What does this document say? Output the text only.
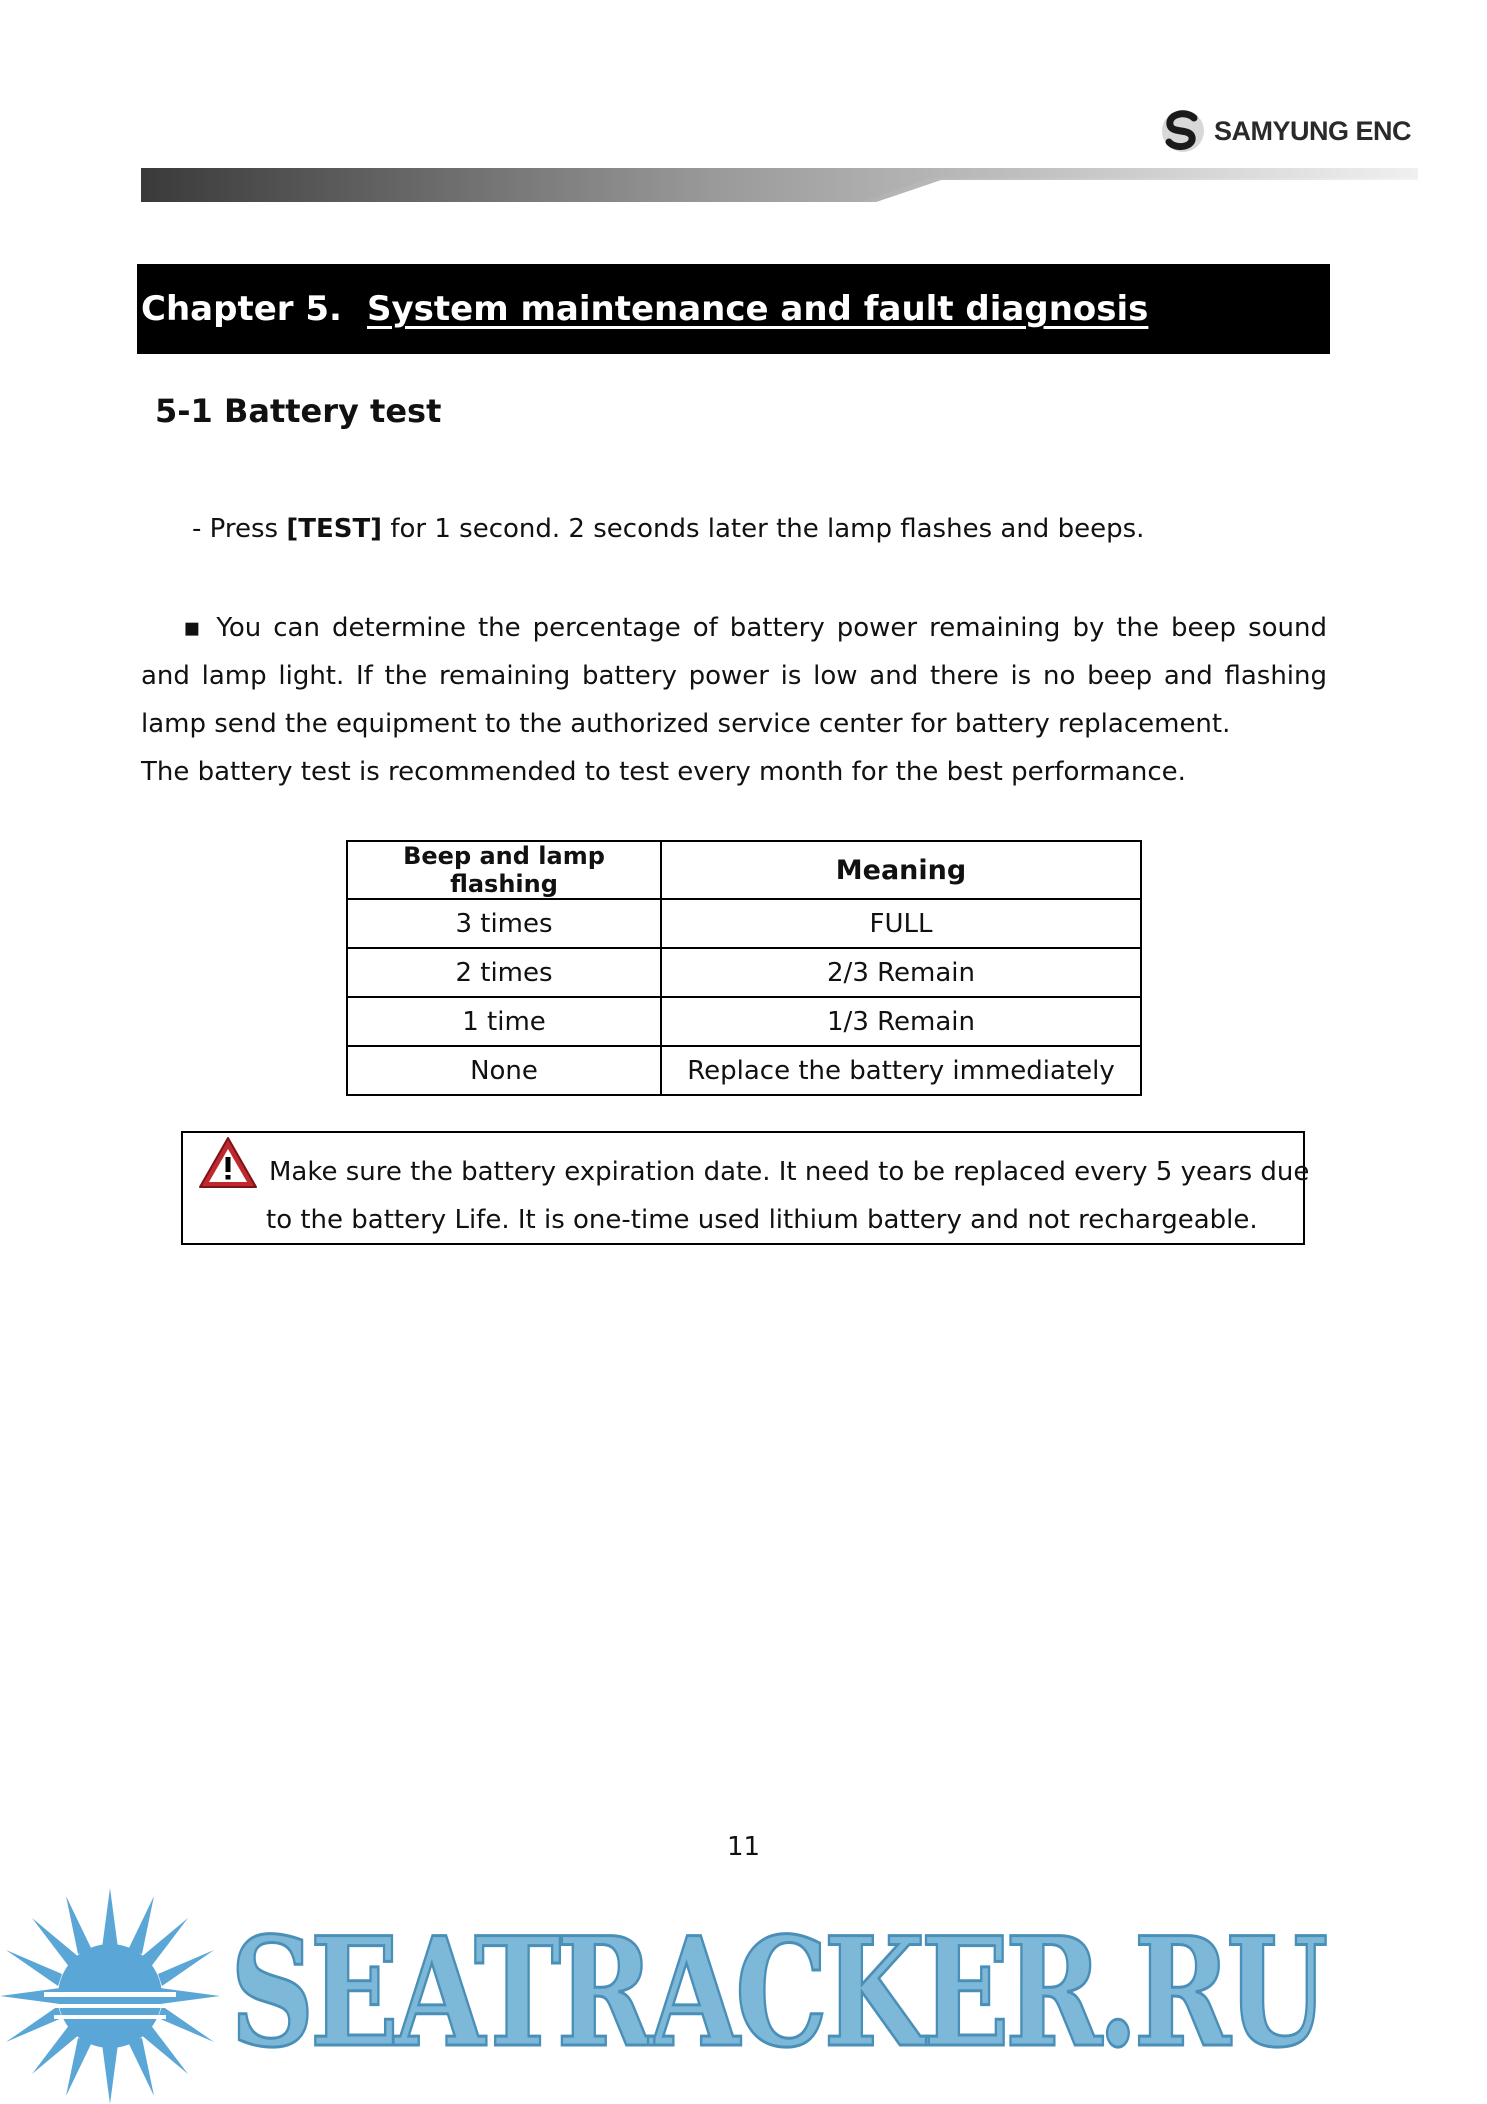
SAMYUNG ENC
Chapter 5. System maintenance and fault diagnosis
5-1 Battery test
- Press [TEST] for 1 second. 2 seconds later the lamp flashes and beeps.

▪ You can determine the percentage of battery power remaining by the beep sound and lamp light. If the remaining battery power is low and there is no beep and flashing lamp send the equipment to the authorized service center for battery replacement.

The battery test is recommended to test every month for the best performance.

Beep and lamp flashing	Meaning
3 times	FULL
2 times	2/3 Remain
1 time	1/3 Remain
None	Replace the battery immediately
Make sure the battery expiration date. It need to be replaced every 5 years due
to the battery Life. It is one-time used lithium battery and not rechargeable.
11
SEATRACKER.RU
